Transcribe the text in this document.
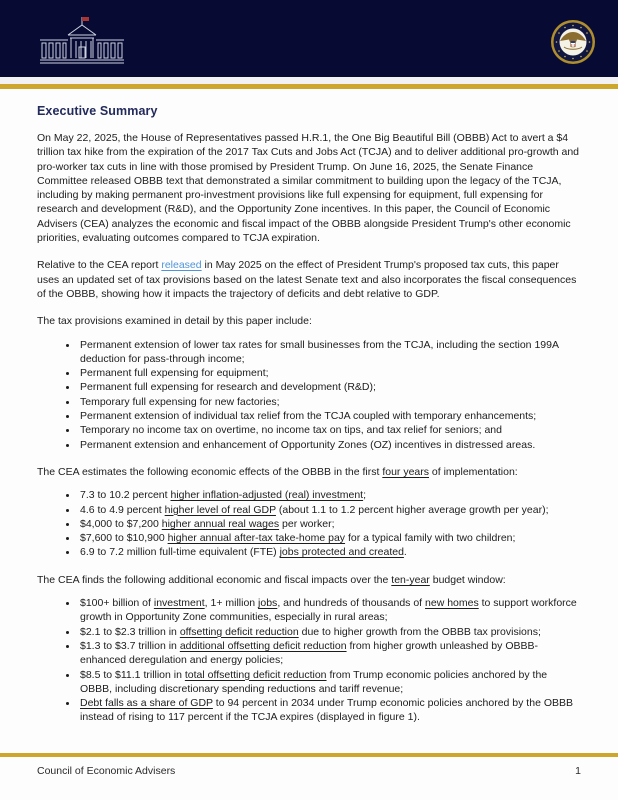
Executive Summary

On May 22, 2025, the House of Representatives passed H.R.1, the One Big Beautiful Bill (OBBB) Act to avert a $4 trillion tax hike from the expiration of the 2017 Tax Cuts and Jobs Act (TCJA) and to deliver additional pro-growth and pro-worker tax cuts in line with those promised by President Trump. On June 16, 2025, the Senate Finance Committee released OBBB text that demonstrated a similar commitment to building upon the legacy of the TCJA, including by making permanent pro-investment provisions like full expensing for equipment, full expensing for research and development (R&D), and the Opportunity Zone incentives. In this paper, the Council of Economic Advisers (CEA) analyzes the economic and fiscal impact of the OBBB alongside President Trump's other economic priorities, evaluating outcomes compared to TCJA expiration.

Relative to the CEA report released in May 2025 on the effect of President Trump's proposed tax cuts, this paper uses an updated set of tax provisions based on the latest Senate text and also incorporates the fiscal consequences of the OBBB, showing how it impacts the trajectory of deficits and debt relative to GDP.

The tax provisions examined in detail by this paper include:

• Permanent extension of lower tax rates for small businesses from the TCJA, including the section 199A deduction for pass-through income;
• Permanent full expensing for equipment;
• Permanent full expensing for research and development (R&D);
• Temporary full expensing for new factories;
• Permanent extension of individual tax relief from the TCJA coupled with temporary enhancements;
• Temporary no income tax on overtime, no income tax on tips, and tax relief for seniors; and
• Permanent extension and enhancement of Opportunity Zones (OZ) incentives in distressed areas.

The CEA estimates the following economic effects of the OBBB in the first four years of implementation:

• 7.3 to 10.2 percent higher inflation-adjusted (real) investment;
• 4.6 to 4.9 percent higher level of real GDP (about 1.1 to 1.2 percent higher average growth per year);
• $4,000 to $7,200 higher annual real wages per worker;
• $7,600 to $10,900 higher annual after-tax take-home pay for a typical family with two children;
• 6.9 to 7.2 million full-time equivalent (FTE) jobs protected and created.

The CEA finds the following additional economic and fiscal impacts over the ten-year budget window:

• $100+ billion of investment, 1+ million jobs, and hundreds of thousands of new homes to support workforce growth in Opportunity Zone communities, especially in rural areas;
• $2.1 to $2.3 trillion in offsetting deficit reduction due to higher growth from the OBBB tax provisions;
• $1.3 to $3.7 trillion in additional offsetting deficit reduction from higher growth unleashed by OBBB-enhanced deregulation and energy policies;
• $8.5 to $11.1 trillion in total offsetting deficit reduction from Trump economic policies anchored by the OBBB, including discretionary spending reductions and tariff revenue;
• Debt falls as a share of GDP to 94 percent in 2034 under Trump economic policies anchored by the OBBB instead of rising to 117 percent if the TCJA expires (displayed in figure 1).
Council of Economic Advisers	1
